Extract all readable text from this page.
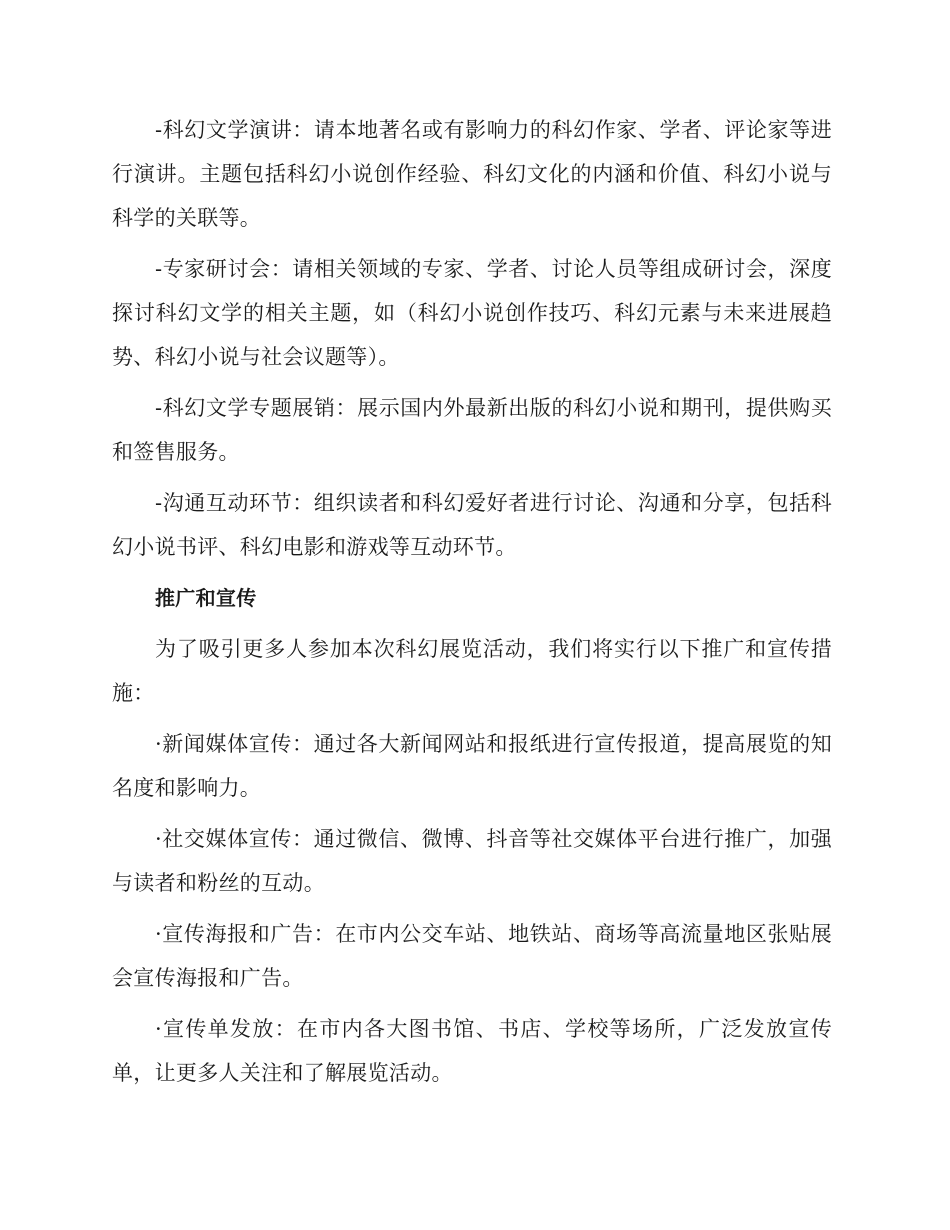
-科幻文学演讲：请本地著名或有影响力的科幻作家、学者、评论家等进行演讲。主题包括科幻小说创作经验、科幻文化的内涵和价值、科幻小说与科学的关联等。

-专家研讨会：请相关领域的专家、学者、讨论人员等组成研讨会，深度探讨科幻文学的相关主题，如（科幻小说创作技巧、科幻元素与未来进展趋势、科幻小说与社会议题等）。

-科幻文学专题展销：展示国内外最新出版的科幻小说和期刊，提供购买和签售服务。

-沟通互动环节：组织读者和科幻爱好者进行讨论、沟通和分享，包括科幻小说书评、科幻电影和游戏等互动环节。

推广和宣传

为了吸引更多人参加本次科幻展览活动，我们将实行以下推广和宣传措施：

·新闻媒体宣传：通过各大新闻网站和报纸进行宣传报道，提高展览的知名度和影响力。

·社交媒体宣传：通过微信、微博、抖音等社交媒体平台进行推广，加强与读者和粉丝的互动。

·宣传海报和广告：在市内公交车站、地铁站、商场等高流量地区张贴展会宣传海报和广告。

·宣传单发放：在市内各大图书馆、书店、学校等场所，广泛发放宣传单，让更多人关注和了解展览活动。
